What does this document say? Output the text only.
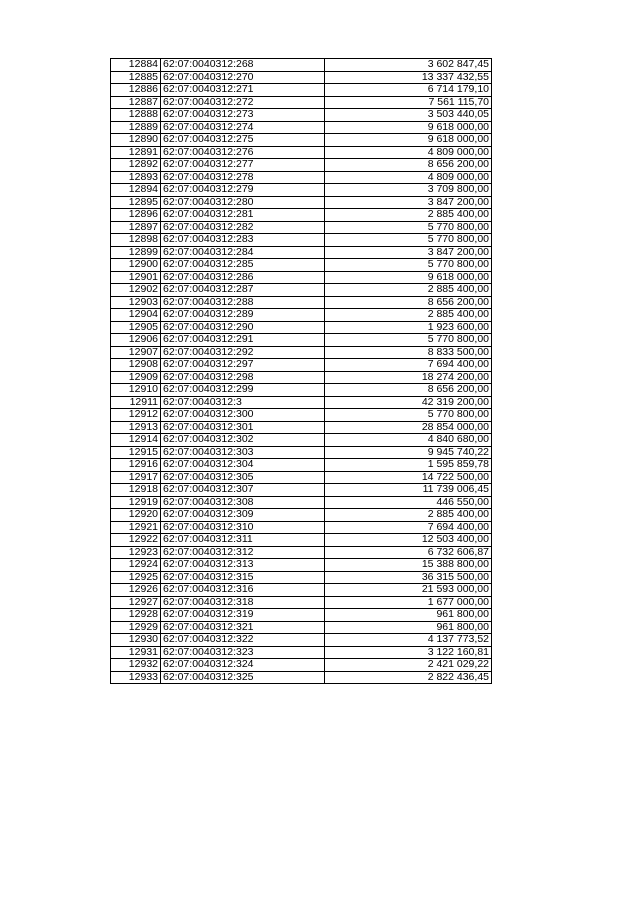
12884	62:07:0040312:268	3 602 847,45
12885	62:07:0040312:270	13 337 432,55
12886	62:07:0040312:271	6 714 179,10
12887	62:07:0040312:272	7 561 115,70
12888	62:07:0040312:273	3 503 440,05
12889	62:07:0040312:274	9 618 000,00
12890	62:07:0040312:275	9 618 000,00
12891	62:07:0040312:276	4 809 000,00
12892	62:07:0040312:277	8 656 200,00
12893	62:07:0040312:278	4 809 000,00
12894	62:07:0040312:279	3 709 800,00
12895	62:07:0040312:280	3 847 200,00
12896	62:07:0040312:281	2 885 400,00
12897	62:07:0040312:282	5 770 800,00
12898	62:07:0040312:283	5 770 800,00
12899	62:07:0040312:284	3 847 200,00
12900	62:07:0040312:285	5 770 800,00
12901	62:07:0040312:286	9 618 000,00
12902	62:07:0040312:287	2 885 400,00
12903	62:07:0040312:288	8 656 200,00
12904	62:07:0040312:289	2 885 400,00
12905	62:07:0040312:290	1 923 600,00
12906	62:07:0040312:291	5 770 800,00
12907	62:07:0040312:292	8 833 500,00
12908	62:07:0040312:297	7 694 400,00
12909	62:07:0040312:298	18 274 200,00
12910	62:07:0040312:299	8 656 200,00
12911	62:07:0040312:3	42 319 200,00
12912	62:07:0040312:300	5 770 800,00
12913	62:07:0040312:301	28 854 000,00
12914	62:07:0040312:302	4 840 680,00
12915	62:07:0040312:303	9 945 740,22
12916	62:07:0040312:304	1 595 859,78
12917	62:07:0040312:305	14 722 500,00
12918	62:07:0040312:307	11 739 006,45
12919	62:07:0040312:308	446 550,00
12920	62:07:0040312:309	2 885 400,00
12921	62:07:0040312:310	7 694 400,00
12922	62:07:0040312:311	12 503 400,00
12923	62:07:0040312:312	6 732 606,87
12924	62:07:0040312:313	15 388 800,00
12925	62:07:0040312:315	36 315 500,00
12926	62:07:0040312:316	21 593 000,00
12927	62:07:0040312:318	1 677 000,00
12928	62:07:0040312:319	961 800,00
12929	62:07:0040312:321	961 800,00
12930	62:07:0040312:322	4 137 773,52
12931	62:07:0040312:323	3 122 160,81
12932	62:07:0040312:324	2 421 029,22
12933	62:07:0040312:325	2 822 436,45
